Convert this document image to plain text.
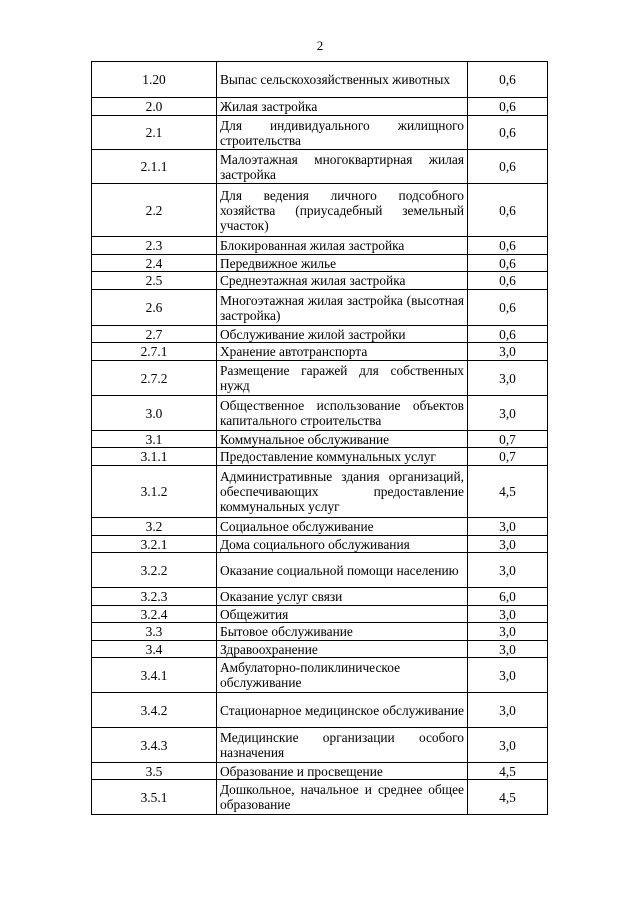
2
1.20	Выпас сельскохозяйственных животных	0,6
2.0	Жилая застройка	0,6
2.1	Для индивидуального жилищного строительства	0,6
2.1.1	Малоэтажная многоквартирная жилая застройка	0,6
2.2	Для ведения личного подсобного хозяйства (приусадебный земельный участок)	0,6
2.3	Блокированная жилая застройка	0,6
2.4	Передвижное жилье	0,6
2.5	Среднеэтажная жилая застройка	0,6
2.6	Многоэтажная жилая застройка (высотная застройка)	0,6
2.7	Обслуживание жилой застройки	0,6
2.7.1	Хранение автотранспорта	3,0
2.7.2	Размещение гаражей для собственных нужд	3,0
3.0	Общественное использование объектов капитального строительства	3,0
3.1	Коммунальное обслуживание	0,7
3.1.1	Предоставление коммунальных услуг	0,7
3.1.2	Административные здания организаций, обеспечивающих предоставление коммунальных услуг	4,5
3.2	Социальное обслуживание	3,0
3.2.1	Дома социального обслуживания	3,0
3.2.2	Оказание социальной помощи населению	3,0
3.2.3	Оказание услуг связи	6,0
3.2.4	Общежития	3,0
3.3	Бытовое обслуживание	3,0
3.4	Здравоохранение	3,0
3.4.1	Амбулаторно-поликлиническое обслуживание	3,0
3.4.2	Стационарное медицинское обслуживание	3,0
3.4.3	Медицинские организации особого назначения	3,0
3.5	Образование и просвещение	4,5
3.5.1	Дошкольное, начальное и среднее общее образование	4,5
